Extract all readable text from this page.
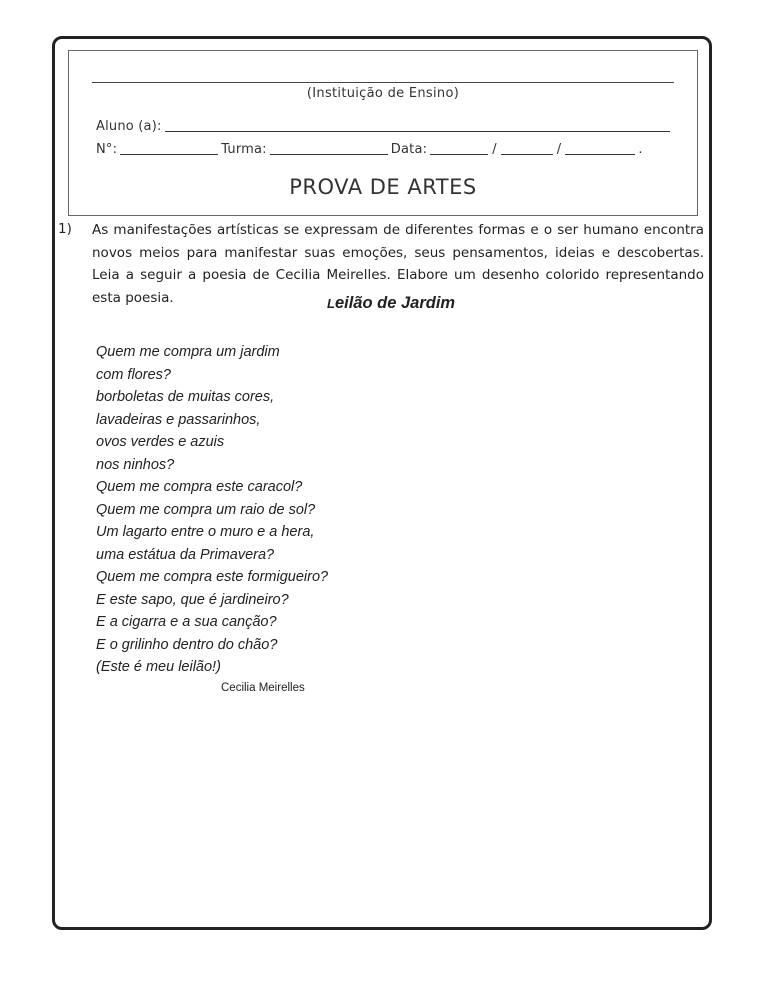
(Instituição de Ensino)
Aluno (a):
N°:	Turma:	Data:	/	/	.
PROVA DE ARTES
1) As manifestações artísticas se expressam de diferentes formas e o ser humano encontra novos meios para manifestar suas emoções, seus pensamentos, ideias e descobertas. Leia a seguir a poesia de Cecilia Meirelles. Elabore um desenho colorido representando esta poesia.	Leilão de Jardim
Quem me compra um jardim
com flores?
borboletas de muitas cores,
lavadeiras e passarinhos,
ovos verdes e azuis
nos ninhos?
Quem me compra este caracol?
Quem me compra um raio de sol?
Um lagarto entre o muro e a hera,
uma estátua da Primavera?
Quem me compra este formigueiro?
E este sapo, que é jardineiro?
E a cigarra e a sua canção?
E o grilinho dentro do chão?
(Este é meu leilão!)
Cecilia Meirelles
